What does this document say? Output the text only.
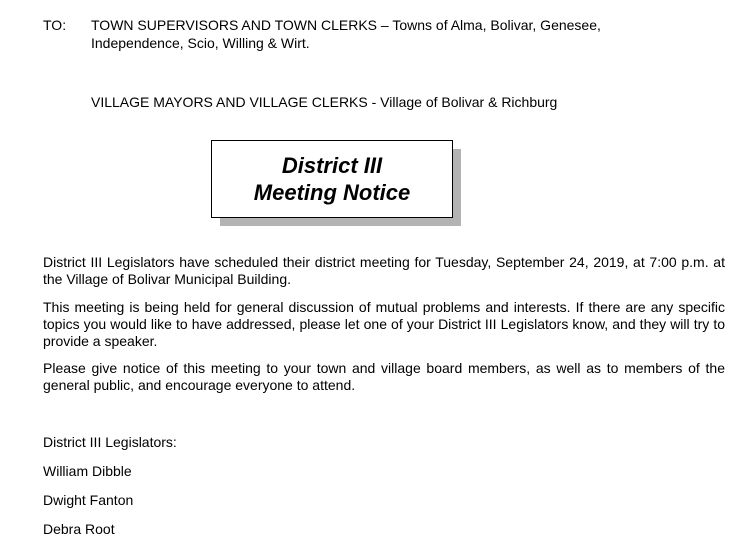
TO: TOWN SUPERVISORS AND TOWN CLERKS – Towns of Alma, Bolivar, Genesee,
Independence, Scio, Willing & Wirt.
VILLAGE MAYORS AND VILLAGE CLERKS - Village of Bolivar & Richburg
District III
Meeting Notice
District III Legislators have scheduled their district meeting for Tuesday, September 24, 2019, at 7:00 p.m. at the Village of Bolivar Municipal Building.
This meeting is being held for general discussion of mutual problems and interests. If there are any specific topics you would like to have addressed, please let one of your District III Legislators know, and they will try to provide a speaker.
Please give notice of this meeting to your town and village board members, as well as to members of the general public, and encourage everyone to attend.
District III Legislators:
William Dibble
Dwight Fanton
Debra Root
